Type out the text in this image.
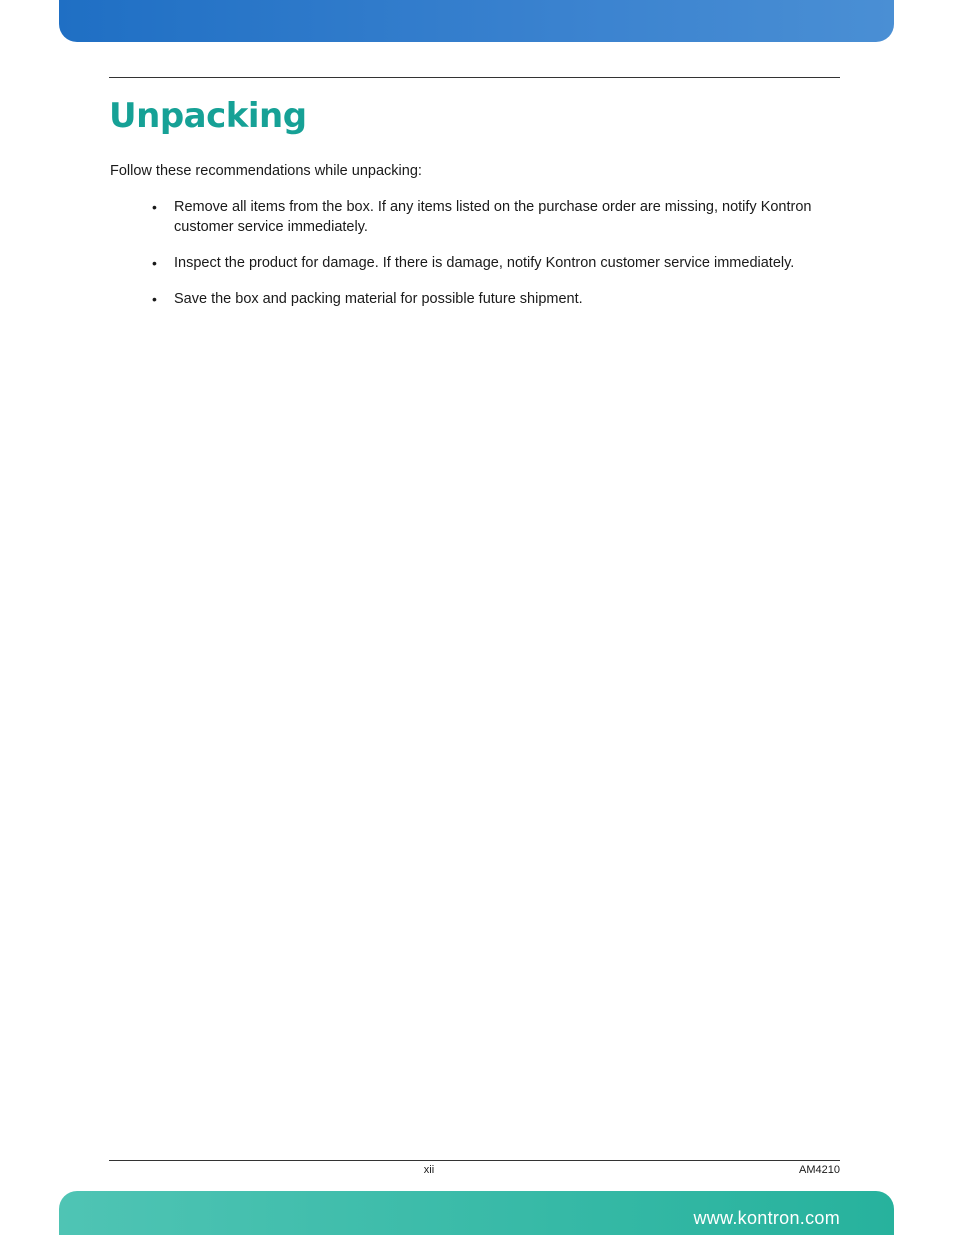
Unpacking

Follow these recommendations while unpacking:

• Remove all items from the box. If any items listed on the purchase order are missing, notify Kontron customer service immediately.
• Inspect the product for damage. If there is damage, notify Kontron customer service immediately.
• Save the box and packing material for possible future shipment.
xii	AM4210
www.kontron.com
